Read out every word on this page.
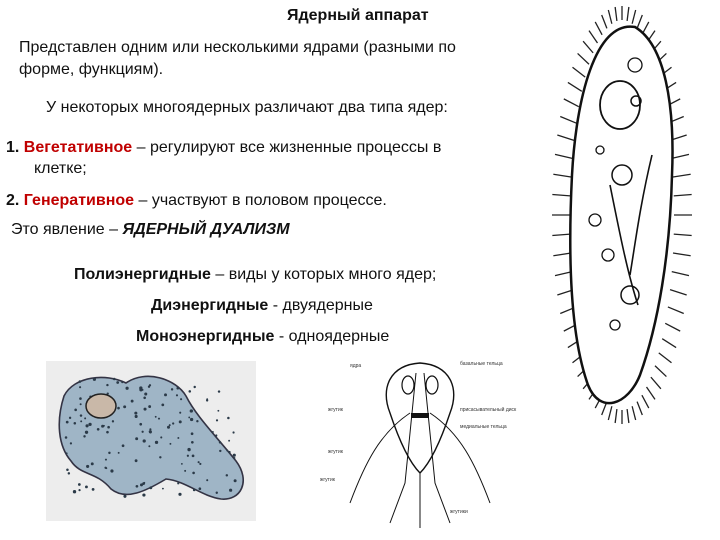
Ядерный аппарат
Представлен одним или несколькими ядрами (разными по
форме, функциям).
У некоторых многоядерных различают два типа ядер:
1. Вегетативное – регулируют все жизненные процессы в
клетке;
2. Генеративное – участвуют в половом процессе.
Это явление – ЯДЕРНЫЙ ДУАЛИЗМ
Полиэнергидные – виды у которых много ядер;
Диэнергидные - двуядерные
Моноэнергидные - одноядерные
базальные тельца
ядра
присасывательный диск
медиальные тельца
жгутик
жгутик
жгутик
жгутики
